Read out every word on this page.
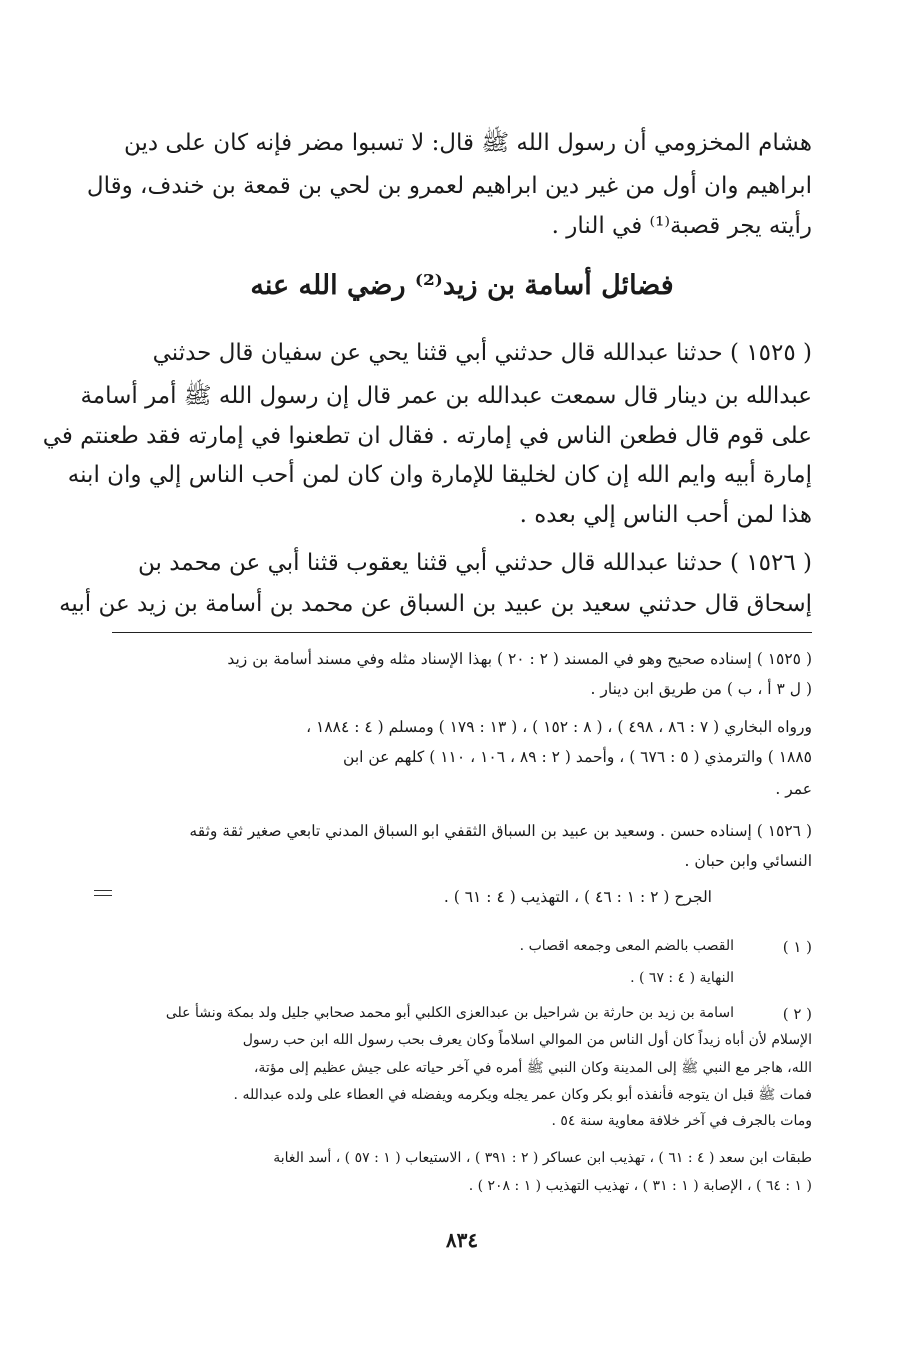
هشام المخزومي أن رسول الله ﷺ قال: لا تسبوا مضر فإنه كان على دين
ابراهيم وان أول من غير دين ابراهيم لعمرو بن لحي بن قمعة بن خندف، وقال
رأيته يجر قصبة⁽¹⁾ في النار .
فضائل أسامة بن زيد⁽²⁾ رضي الله عنه
( ١٥٢٥ ) حدثنا عبدالله قال حدثني أبي قثنا يحي عن سفيان قال حدثني
عبدالله بن دينار قال سمعت عبدالله بن عمر قال إن رسول الله ﷺ أمر أسامة
على قوم قال فطعن الناس في إمارته . فقال ان تطعنوا في إمارته فقد طعنتم في
إمارة أبيه وايم الله إن كان لخليقا للإمارة وان كان لمن أحب الناس إلي وان ابنه
هذا لمن أحب الناس إلي بعده .
( ١٥٢٦ ) حدثنا عبدالله قال حدثني أبي قثنا يعقوب قثنا أبي عن محمد بن
إسحاق قال حدثني سعيد بن عبيد بن السباق عن محمد بن أسامة بن زيد عن أبيه
( ١٥٢٥ ) إسناده صحيح وهو في المسند ( ٢ : ٢٠ ) بهذا الإسناد مثله وفي مسند أسامة بن زيد
( ل ٣ أ ، ب ) من طريق ابن دينار .
ورواه البخاري ( ٧ : ٨٦ ، ٤٩٨ ) ، ( ٨ : ١٥٢ ) ، ( ١٣ : ١٧٩ ) ومسلم ( ٤ : ١٨٨٤ ،
١٨٨٥ ) والترمذي ( ٥ : ٦٧٦ ) ، وأحمد ( ٢ : ٨٩ ، ١٠٦ ، ١١٠ ) كلهم عن ابن
عمر .
( ١٥٢٦ ) إسناده حسن . وسعيد بن عبيد بن السباق الثقفي ابو السباق المدني تابعي صغير ثقة وثقه
النسائي وابن حبان .
الجرح ( ٢ : ١ : ٤٦ ) ، التهذيب ( ٤ : ٦١ ) .
( ١ )
القصب بالضم المعى وجمعه اقصاب .
النهاية ( ٤ : ٦٧ ) .
( ٢ )
اسامة بن زيد بن حارثة بن شراحيل بن عبدالعزى الكلبي أبو محمد صحابي جليل ولد بمكة ونشأ على
الإسلام لأن أباه زيداً كان أول الناس من الموالي اسلاماً وكان يعرف بحب رسول الله ابن حب رسول
الله، هاجر مع النبي ﷺ إلى المدينة وكان النبي ﷺ أمره في آخر حياته على جيش عظيم إلى مؤتة،
فمات ﷺ قبل ان يتوجه فأنفذه أبو بكر وكان عمر يجله ويكرمه ويفضله في العطاء على ولده عبدالله .
ومات بالجرف في آخر خلافة معاوية سنة ٥٤ .
طبقات ابن سعد ( ٤ : ٦١ ) ، تهذيب ابن عساكر ( ٢ : ٣٩١ ) ، الاستيعاب ( ١ : ٥٧ ) ، أسد الغابة
( ١ : ٦٤ ) ، الإصابة ( ١ : ٣١ ) ، تهذيب التهذيب ( ١ : ٢٠٨ ) .
٨٣٤
